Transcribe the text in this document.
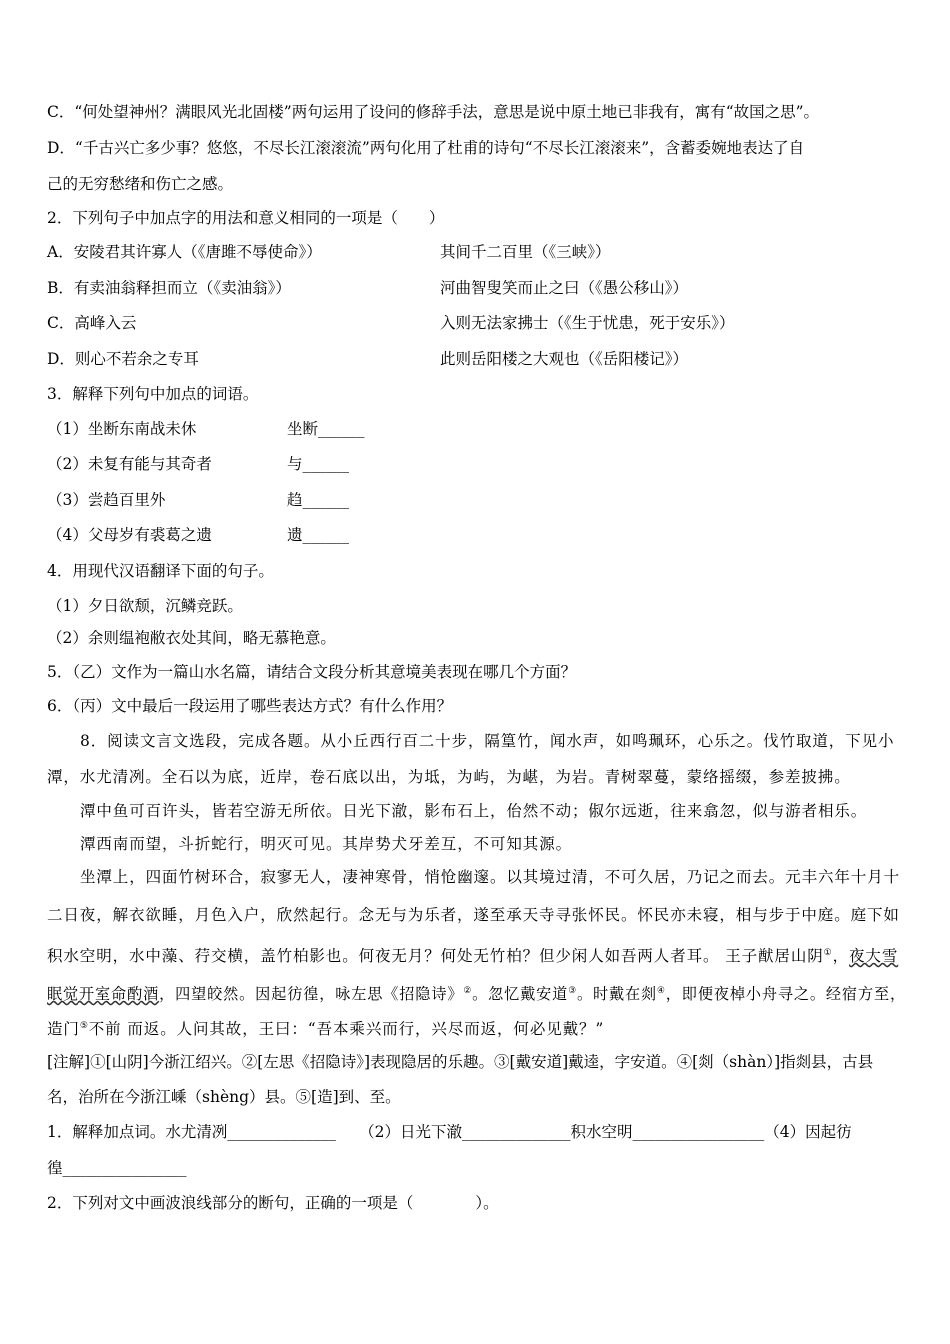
C．“何处望神州？满眼风光北固楼”两句运用了设问的修辞手法，意思是说中原土地已非我有，寓有“故国之思”。
D．“千古兴亡多少事？悠悠，不尽长江滚滚流”两句化用了杜甫的诗句“不尽长江滚滚来”，含蓄委婉地表达了自
己的无穷愁绪和伤亡之感。
2．下列句子中加点字的用法和意义相同的一项是（　　）
A．安陵君其许寡人（《唐雎不辱使命》）	其间千二百里（《三峡》）
B．有卖油翁释担而立（《卖油翁》）	河曲智叟笑而止之曰（《愚公移山》）
C．高峰入云	入则无法家拂士（《生于忧患，死于安乐》）
D．则心不若余之专耳	此则岳阳楼之大观也（《岳阳楼记》）
3．解释下列句中加点的词语。
（1）坐断东南战未休	坐断______
（2）未复有能与其奇者	与______
（3）尝趋百里外	趋______
（4）父母岁有裘葛之遗	遗______
4．用现代汉语翻译下面的句子。
（1）夕日欲颓，沉鳞竞跃。
（2）余则缊袍敝衣处其间，略无慕艳意。
5．（乙）文作为一篇山水名篇，请结合文段分析其意境美表现在哪几个方面？
6．（丙）文中最后一段运用了哪些表达方式？有什么作用？
8．阅读文言文选段，完成各题。从小丘西行百二十步，隔篁竹，闻水声，如鸣珮环，心乐之。伐竹取道，下见小
潭，水尤清冽。全石以为底，近岸，卷石底以出，为坻，为屿，为嵁，为岩。青树翠蔓，蒙络摇缀，参差披拂。
潭中鱼可百许头，皆若空游无所依。日光下澈，影布石上，佁然不动；俶尔远逝，往来翕忽，似与游者相乐。
潭西南而望，斗折蛇行，明灭可见。其岸势犬牙差互，不可知其源。
坐潭上，四面竹树环合，寂寥无人，凄神寒骨，悄怆幽邃。以其境过清，不可久居，乃记之而去。元丰六年十月十
二日夜，解衣欲睡，月色入户，欣然起行。念无与为乐者，遂至承天寺寻张怀民。怀民亦未寝，相与步于中庭。庭下如
积水空明，水中藻、荇交横，盖竹柏影也。何夜无月？何处无竹柏？但少闲人如吾两人者耳。 王子猷居山阴①，夜大雪
眠觉开室命酌酒，四望皎然。因起彷徨，咏左思《招隐诗》②。忽忆戴安道③。时戴在剡④，即便夜棹小舟寻之。经宿方至，
造门⑤不前 而返。人问其故，王曰：“吾本乘兴而行，兴尽而返，何必见戴？”
[注解]①[山阴]今浙江绍兴。②[左思《招隐诗》]表现隐居的乐趣。③[戴安道]戴逵，字安道。④[剡（shàn）]指剡县，古县
名，治所在今浙江嵊（shèng）县。⑤[造]到、至。
1．解释加点词。水尤清冽______________　　（2）日光下澈______________积水空明_________________（4）因起彷
徨________________
2．下列对文中画波浪线部分的断句，正确的一项是（　　　　）。
